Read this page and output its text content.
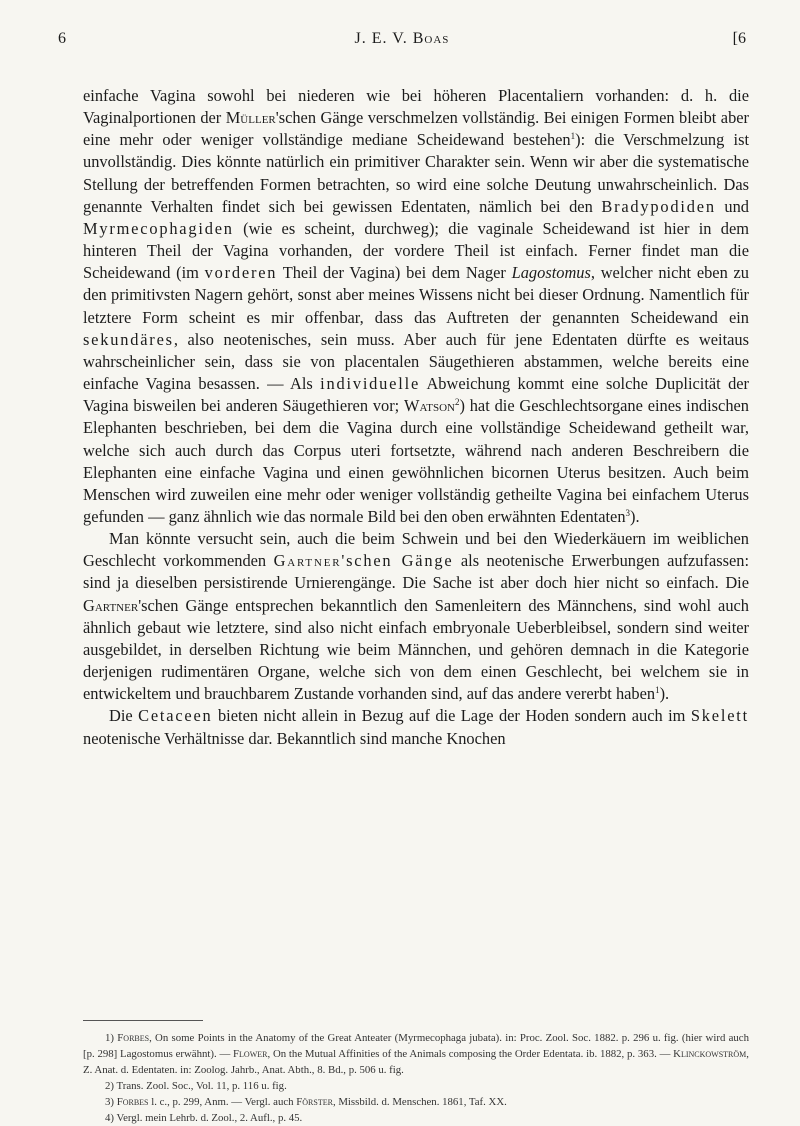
6	J. E. V. Boas	[6

einfache Vagina sowohl bei niederen wie bei höheren Placentaliern vorhanden: d. h. die Vaginalportionen der Müller'schen Gänge verschmelzen vollständig. Bei einigen Formen bleibt aber eine mehr oder weniger vollständige mediane Scheidewand bestehen$^1$): die Verschmelzung ist unvollständig. Dies könnte natürlich ein primitiver Charakter sein. Wenn wir aber die systematische Stellung der betreffenden Formen betrachten, so wird eine solche Deutung unwahrscheinlich. Das genannte Verhalten findet sich bei gewissen Edentaten, nämlich bei den Bradypodiden und Myrmecophagiden (wie es scheint, durchweg); die vaginale Scheidewand ist hier in dem hinteren Theil der Vagina vorhanden, der vordere Theil ist einfach. Ferner findet man die Scheidewand (im vorderen Theil der Vagina) bei dem Nager Lagostomus, welcher nicht eben zu den primitivsten Nagern gehört, sonst aber meines Wissens nicht bei dieser Ordnung. Namentlich für letztere Form scheint es mir offenbar, dass das Auftreten der genannten Scheidewand ein sekundäres, also neotenisches, sein muss. Aber auch für jene Edentaten dürfte es weitaus wahrscheinlicher sein, dass sie von placentalen Säugethieren abstammen, welche bereits eine einfache Vagina besassen. — Als individuelle Abweichung kommt eine solche Duplicität der Vagina bisweilen bei anderen Säugethieren vor; Watson$^2$) hat die Geschlechtsorgane eines indischen Elephanten beschrieben, bei dem die Vagina durch eine vollständige Scheidewand getheilt war, welche sich auch durch das Corpus uteri fortsetzte, während nach anderen Beschreibern die Elephanten eine einfache Vagina und einen gewöhnlichen bicornen Uterus besitzen. Auch beim Menschen wird zuweilen eine mehr oder weniger vollständig getheilte Vagina bei einfachem Uterus gefunden — ganz ähnlich wie das normale Bild bei den oben erwähnten Edentaten$^3$).

Man könnte versucht sein, auch die beim Schwein und bei den Wiederkäuern im weiblichen Geschlecht vorkommenden Gartner'schen Gänge als neotenische Erwerbungen aufzufassen: sind ja dieselben persistirende Urnierengänge. Die Sache ist aber doch hier nicht so einfach. Die Gartner'schen Gänge entsprechen bekanntlich den Samenleitern des Männchens, sind wohl auch ähnlich gebaut wie letztere, sind also nicht einfach embryonale Ueberbleibsel, sondern sind weiter ausgebildet, in derselben Richtung wie beim Männchen, und gehören demnach in die Kategorie derjenigen rudimentären Organe, welche sich von dem einen Geschlecht, bei welchem sie in entwickeltem und brauchbarem Zustande vorhanden sind, auf das andere vererbt haben$^1$).

Die Cetaceen bieten nicht allein in Bezug auf die Lage der Hoden sondern auch im Skelett neotenische Verhältnisse dar. Bekanntlich sind manche Knochen

1) Forbes, On some Points in the Anatomy of the Great Anteater (Myrmecophaga jubata). in: Proc. Zool. Soc. 1882. p. 296 u. fig. (hier wird auch [p. 298] Lagostomus erwähnt). — Flower, On the Mutual Affinities of the Animals composing the Order Edentata. ib. 1882, p. 363. — Klinckowström, Z. Anat. d. Edentaten. in: Zoolog. Jahrb., Anat. Abth., 8. Bd., p. 506 u. fig.
2) Trans. Zool. Soc., Vol. 11, p. 116 u. fig.
3) Forbes l. c., p. 299, Anm. — Vergl. auch Förster, Missbild. d. Menschen. 1861, Taf. XX.
4) Vergl. mein Lehrb. d. Zool., 2. Aufl., p. 45.
